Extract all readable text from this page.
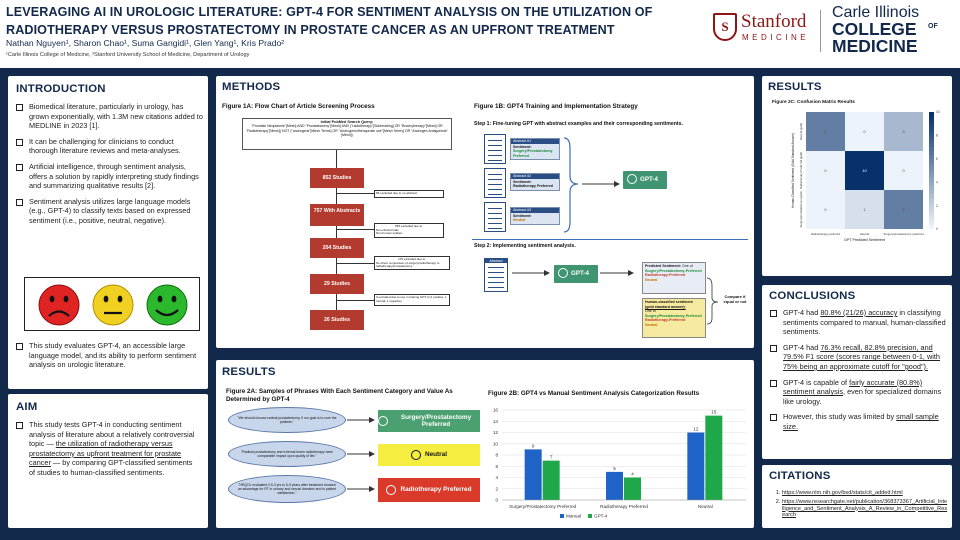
LEVERAGING AI IN UROLOGIC LITERATURE: GPT-4 FOR SENTIMENT ANALYSIS ON THE UTILIZATION OF
RADIOTHERAPY VERSUS PROSTATECTOMY IN PROSTATE CANCER AS AN UPFRONT TREATMENT
Nathan Nguyen¹, Sharon Chao¹, Suma Gangidi¹, Glen Yang¹, Kris Prado²
¹Carle Illinois College of Medicine, ²Stanford University School of Medicine, Department of Urology
S Stanford
MEDICINE
Carle Illinois
COLLEGE
MEDICINE
OF
INTRODUCTION
Biomedical literature, particularly in urology, has grown exponentially, with 1.3M new citations added to MEDLINE in 2023 [1].
It can be challenging for clinicians to conduct thorough literature reviews and meta-analyses.
Artificial intelligence, through sentiment analysis, offers a solution by rapidly interpreting study findings and summarizing qualitative results [2].
Sentiment analysis utilizes large language models (e.g., GPT-4) to classify texts based on expressed sentiment (i.e., positive, neutral, negative).
This study evaluates GPT-4, an accessible large language model, and its ability to perform sentiment analysis on urologic literature.
AIM
This study tests GPT-4 in conducting sentiment analysis of literature about a relatively controversial topic — the utilization of radiotherapy versus prostatectomy as upfront treatment for prostate cancer — by comparing GPT-classified sentiments of studies to human-classified sentiments.
METHODS
Figure 1A: Flow Chart of Article Screening Process
Initial PubMed Search Query:
"Prostatic Neoplasms"[Mesh] AND "Prostatectomy"[Mesh] AND ("radiotherapy"[Subheading] OR "Brachytherapy"[Mesh] OR "Radiotherapy"[Mesh]) NOT ("androgens"[Mesh Terms] OR "Androgens/therapeutic use"[Mesh Terms] OR "Androgen Antagonists"[Mesh])
852 Studies
95 excluded due to no abstract
757 With Abstracts
553 excluded due to:
Non-clinical trials
Non-human studies
204 Studies
175 excluded due to:
No direct comparison of surgery/radiotherapy to radiotherapy/prostatectomy
29 Studies
3 excluded due to use in training GPT-4 (1 positive, 1 neutral, 1 negative)
26 Studies
Figure 1B: GPT4 Training and Implementation Strategy
Step 1: Fine-tuning GPT with abstract examples and their corresponding sentiments.
Abstract #1
Sentiment:
Surgery/Prostatectomy Preferred
Abstract #2
Sentiment:
Radiotherapy Preferred
Abstract #3
Sentiment:
Neutral
GPT-4
Step 2: Implementing sentiment analysis.
Abstract
GPT-4
Predicted Sentiment: One of
Surgery/Prostatectomy-Preferred
Radiotherapy-Preferred
Neutral
Human-classified sentiment
(gold standard answer):
One of
Surgery/Prostatectomy-Preferred
Radiotherapy-Preferred
Neutral
Compare if equal or not
RESULTS
Figure 2A: Samples of Phrases With Each Sentiment Category and Value As Determined by GPT-4
"We should choose radical prostatectomy, if our goal is to cure the patients."
"Radical prostatectomy and external beam radiotherapy have comparable impact upon quality of life."
"HRQOL evaluated 0.5-3 yrs to 6-5 years after treatment showed an advantage for RT in urinary and sexual domains and in patient satisfaction."
Surgery/Prostatectomy Preferred
Neutral
Radiotherapy Preferred
Figure 2B: GPT4 vs Manual Sentiment Analysis Categorization Results
0
2
4
6
8
10
12
14
16
9
7
Surgery/Prostatectomy Preferred
5
4
Radiotherapy Preferred
12
15
Neutral
Manual	GPT-4
RESULTS
Figure 2C: Confusion Matrix Results
6	0	3
0	10	0
0	1	6
Neutral (gold)
Radiotherapy Preferred (gold)
Surgery/prostatectomy (gold)
Radiotherapy preferred	Neutral	Surgery/prostatectomy preferred
GPT Predicted Sentiment
Human Classified Sentiment (Gold Standard Answer)
10
8
6
4
2
0
CONCLUSIONS
GPT-4 had 80.8% (21/26) accuracy in classifying sentiments compared to manual, human-classified sentiments.
GPT-4 had 76.3% recall, 82.8% precision, and 79.5% F1 score (scores range between 0-1, with 75% being an approximate cutoff for "good").
GPT-4 is capable of fairly accurate (80.8%) sentiment analysis, even for specialized domains like urology.
However, this study was limited by small sample size.
CITATIONS
1. https://www.nlm.nih.gov/bsd/stats/cit_added.html
2. https://www.researchgate.net/publication/368373367_Artificial_Intelligence_and_Sentiment_Analysis_A_Review_in_Competitive_Research
